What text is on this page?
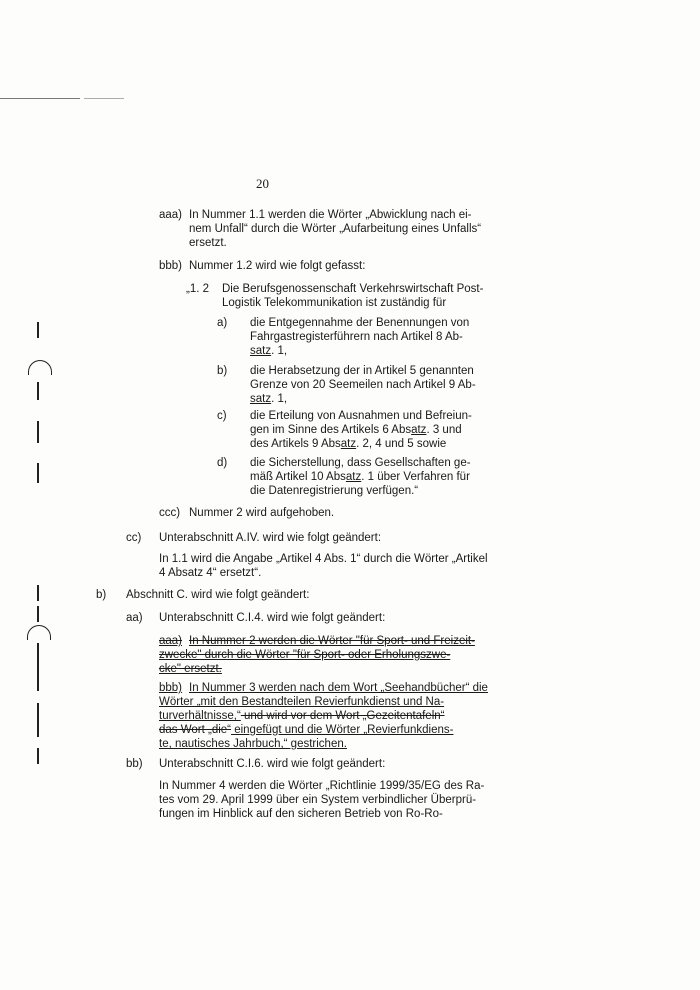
20
aaa) In Nummer 1.1 werden die Wörter „Abwicklung nach ei-
nem Unfall“ durch die Wörter „Aufarbeitung eines Unfalls“
ersetzt.
bbb) Nummer 1.2 wird wie folgt gefasst:
„1. 2 Die Berufsgenossenschaft Verkehrswirtschaft Post-
Logistik Telekommunikation ist zuständig für
a) die Entgegennahme der Benennungen von
Fahrgastregisterführern nach Artikel 8 Ab-
satz. 1,
b) die Herabsetzung der in Artikel 5 genannten
Grenze von 20 Seemeilen nach Artikel 9 Ab-
satz. 1,
c) die Erteilung von Ausnahmen und Befreiun-
gen im Sinne des Artikels 6 Absatz. 3 und
des Artikels 9 Absatz. 2, 4 und 5 sowie
d) die Sicherstellung, dass Gesellschaften ge-
mäß Artikel 10 Absatz. 1 über Verfahren für
die Datenregistrierung verfügen.“
ccc) Nummer 2 wird aufgehoben.
cc) Unterabschnitt A.IV. wird wie folgt geändert:
In 1.1 wird die Angabe „Artikel 4 Abs. 1“ durch die Wörter „Artikel
4 Absatz 4“ ersetzt“.
b) Abschnitt C. wird wie folgt geändert:
aa) Unterabschnitt C.I.4. wird wie folgt geändert:
aaa) In Nummer 2 werden die Wörter "für Sport- und Freizeit-
zwecke" durch die Wörter "für Sport- oder Erholungszwe-
cke" ersetzt.
bbb) In Nummer 3 werden nach dem Wort „Seehandbücher“ die
Wörter „mit den Bestandteilen Revierfunkdienst und Na-
turverhältnisse,“ und wird vor dem Wort „Gezeitentafeln“
das Wort „die“ eingefügt und die Wörter „Revierfunkdiens-
te, nautisches Jahrbuch,“ gestrichen.
bb) Unterabschnitt C.I.6. wird wie folgt geändert:
In Nummer 4 werden die Wörter „Richtlinie 1999/35/EG des Ra-
tes vom 29. April 1999 über ein System verbindlicher Überprü-
fungen im Hinblick auf den sicheren Betrieb von Ro-Ro-
